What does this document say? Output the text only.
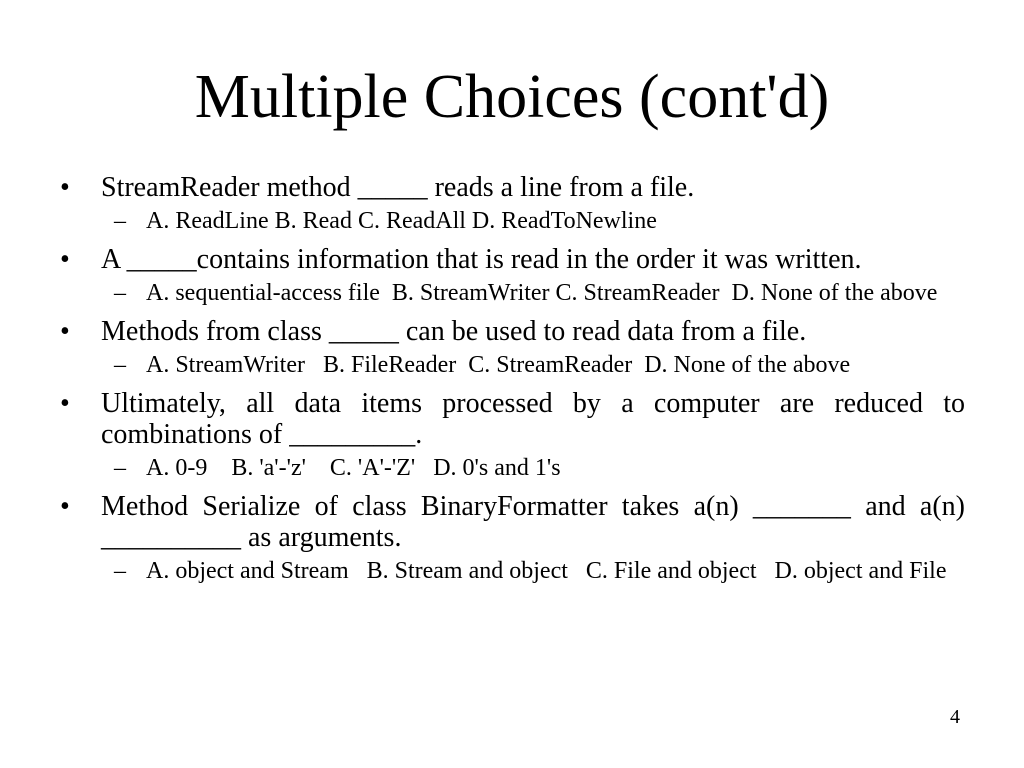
Multiple Choices (cont'd)
• StreamReader method _____ reads a line from a file.
– A. ReadLine B. Read C. ReadAll D. ReadToNewline
• A _____contains information that is read in the order it was written.
– A. sequential-access file  B. StreamWriter C. StreamReader  D. None of the above
• Methods from class _____ can be used to read data from a file.
– A. StreamWriter   B. FileReader  C. StreamReader  D. None of the above
• Ultimately, all data items processed by a computer are reduced to combinations of _________.
– A. 0-9    B. 'a'-'z'    C. 'A'-'Z'   D. 0's and 1's
• Method Serialize of class BinaryFormatter takes a(n) _______ and a(n) __________ as arguments.
– A. object and Stream   B. Stream and object   C. File and object   D. object and File
4
